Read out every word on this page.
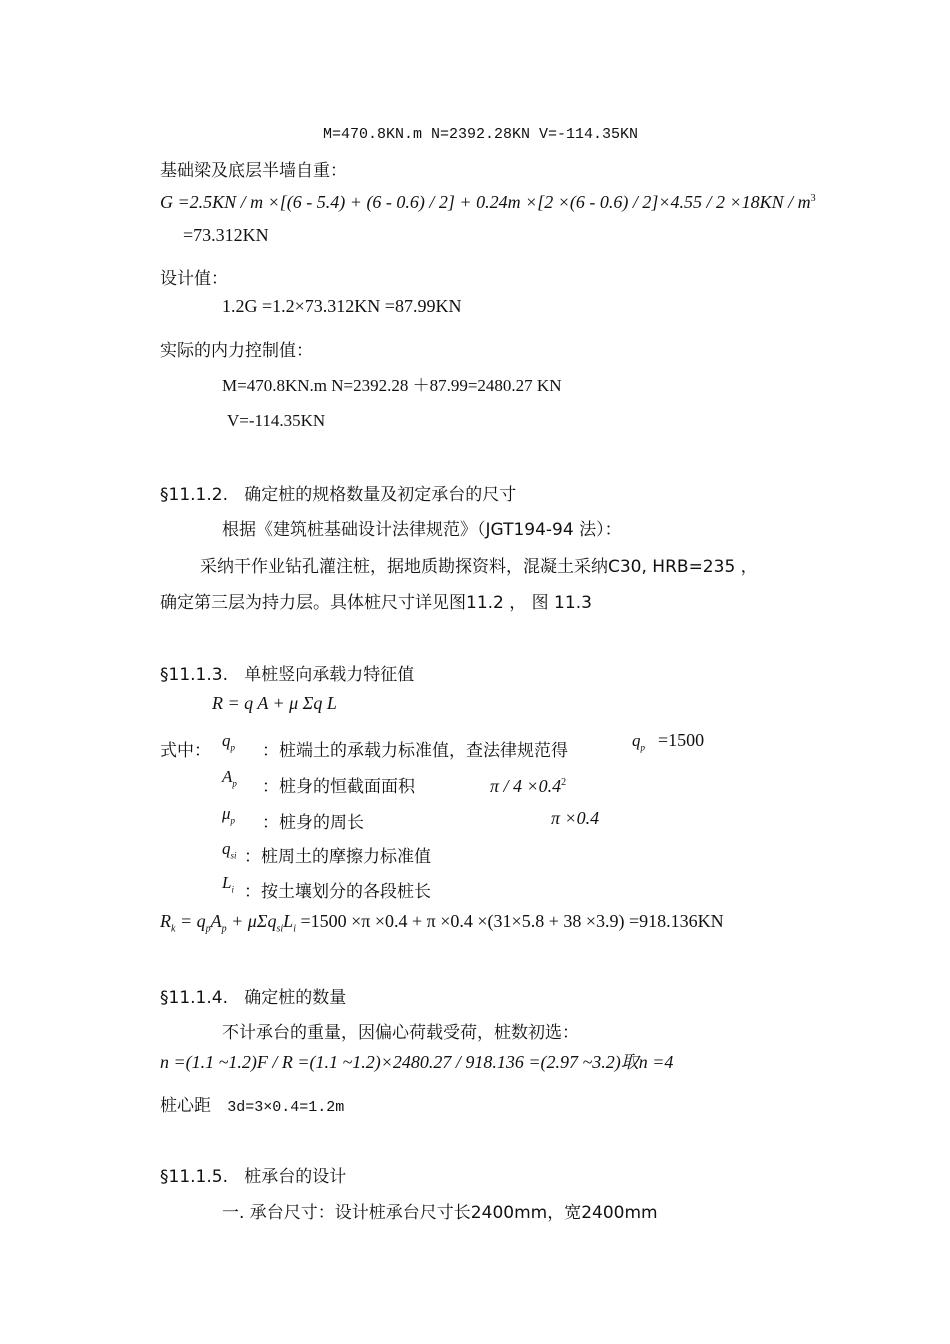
M=470.8KN.m N=2392.28KN V=-114.35KN
基础梁及底层半墙自重：
$G =2.5KN / m \times[(6 - 5.4) + (6 - 0.6) / 2] + 0.24m \times[2 \times(6 - 0.6) / 2]\times 4.55 / 2 \times 18KN / m^3$
=73.312KN
设计值：
1.2G =1.2×73.312KN =87.99KN
实际的内力控制值：
M=470.8KN.m N=2392.28 ＋87.99=2480.27 KN
V=-114.35KN
§11.1.2. 确定桩的规格数量及初定承台的尺寸
根据《建筑桩基础设计法律规范》（JGT194-94 法）：
采纳干作业钻孔灌注桩，据地质勘探资料，混凝土采纳C30, HRB=235 ，
确定第三层为持力层。具体桩尺寸详见图11.2 ， 图 11.3
§11.1.3. 单桩竖向承载力特征值
R = q A + μ Σq L
式中：
$q_p$ ：桩端土的承载力标准值，查法律规范得
$q_p =1500$
$A_p$ ：桩身的恒截面面积	$\pi / 4 \times 0.4^2$
$\mu_p$ ：桩身的周长	π ×0.4
$q_{si}$ ：桩周土的摩擦力标准值
$L_i$ ：按土壤划分的各段桩长
$R_k = q_pA_p + \mu\Sigma q_{si}L_i =1500 \times\pi \times 0.4 + \pi \times 0.4 \times(31\times 5.8 + 38 \times 3.9) =918.136KN$
§11.1.4. 确定桩的数量
不计承台的重量，因偏心荷载受荷，桩数初选：
n =(1.1 ~1.2)F / R =(1.1 ~1.2)×2480.27 / 918.136 =(2.97 ~3.2)取n =4
桩心距 3d=3×0.4=1.2m
§11.1.5. 桩承台的设计
一. 承台尺寸：设计桩承台尺寸长2400mm，宽2400mm
